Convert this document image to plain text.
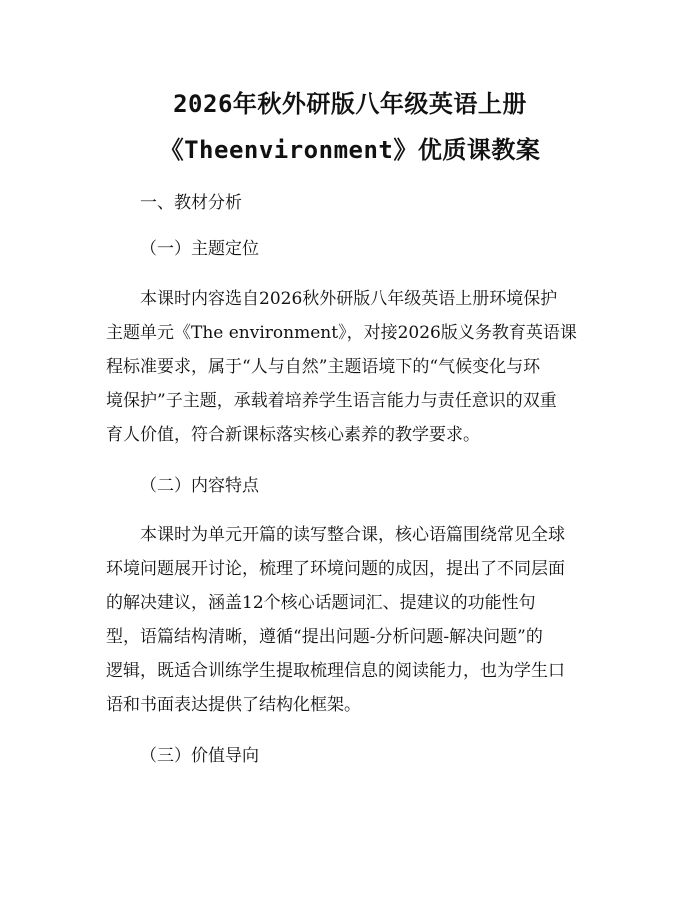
2026年秋外研版八年级英语上册
《Theenvironment》优质课教案
一、教材分析
（一）主题定位
本课时内容选自2026秋外研版八年级英语上册环境保护
主题单元《The environment》，对接2026版义务教育英语课
程标准要求，属于“人与自然”主题语境下的“气候变化与环
境保护”子主题，承载着培养学生语言能力与责任意识的双重
育人价值，符合新课标落实核心素养的教学要求。
（二）内容特点
本课时为单元开篇的读写整合课，核心语篇围绕常见全球
环境问题展开讨论，梳理了环境问题的成因，提出了不同层面
的解决建议，涵盖12个核心话题词汇、提建议的功能性句
型，语篇结构清晰，遵循“提出问题-分析问题-解决问题”的
逻辑，既适合训练学生提取梳理信息的阅读能力，也为学生口
语和书面表达提供了结构化框架。
（三）价值导向
